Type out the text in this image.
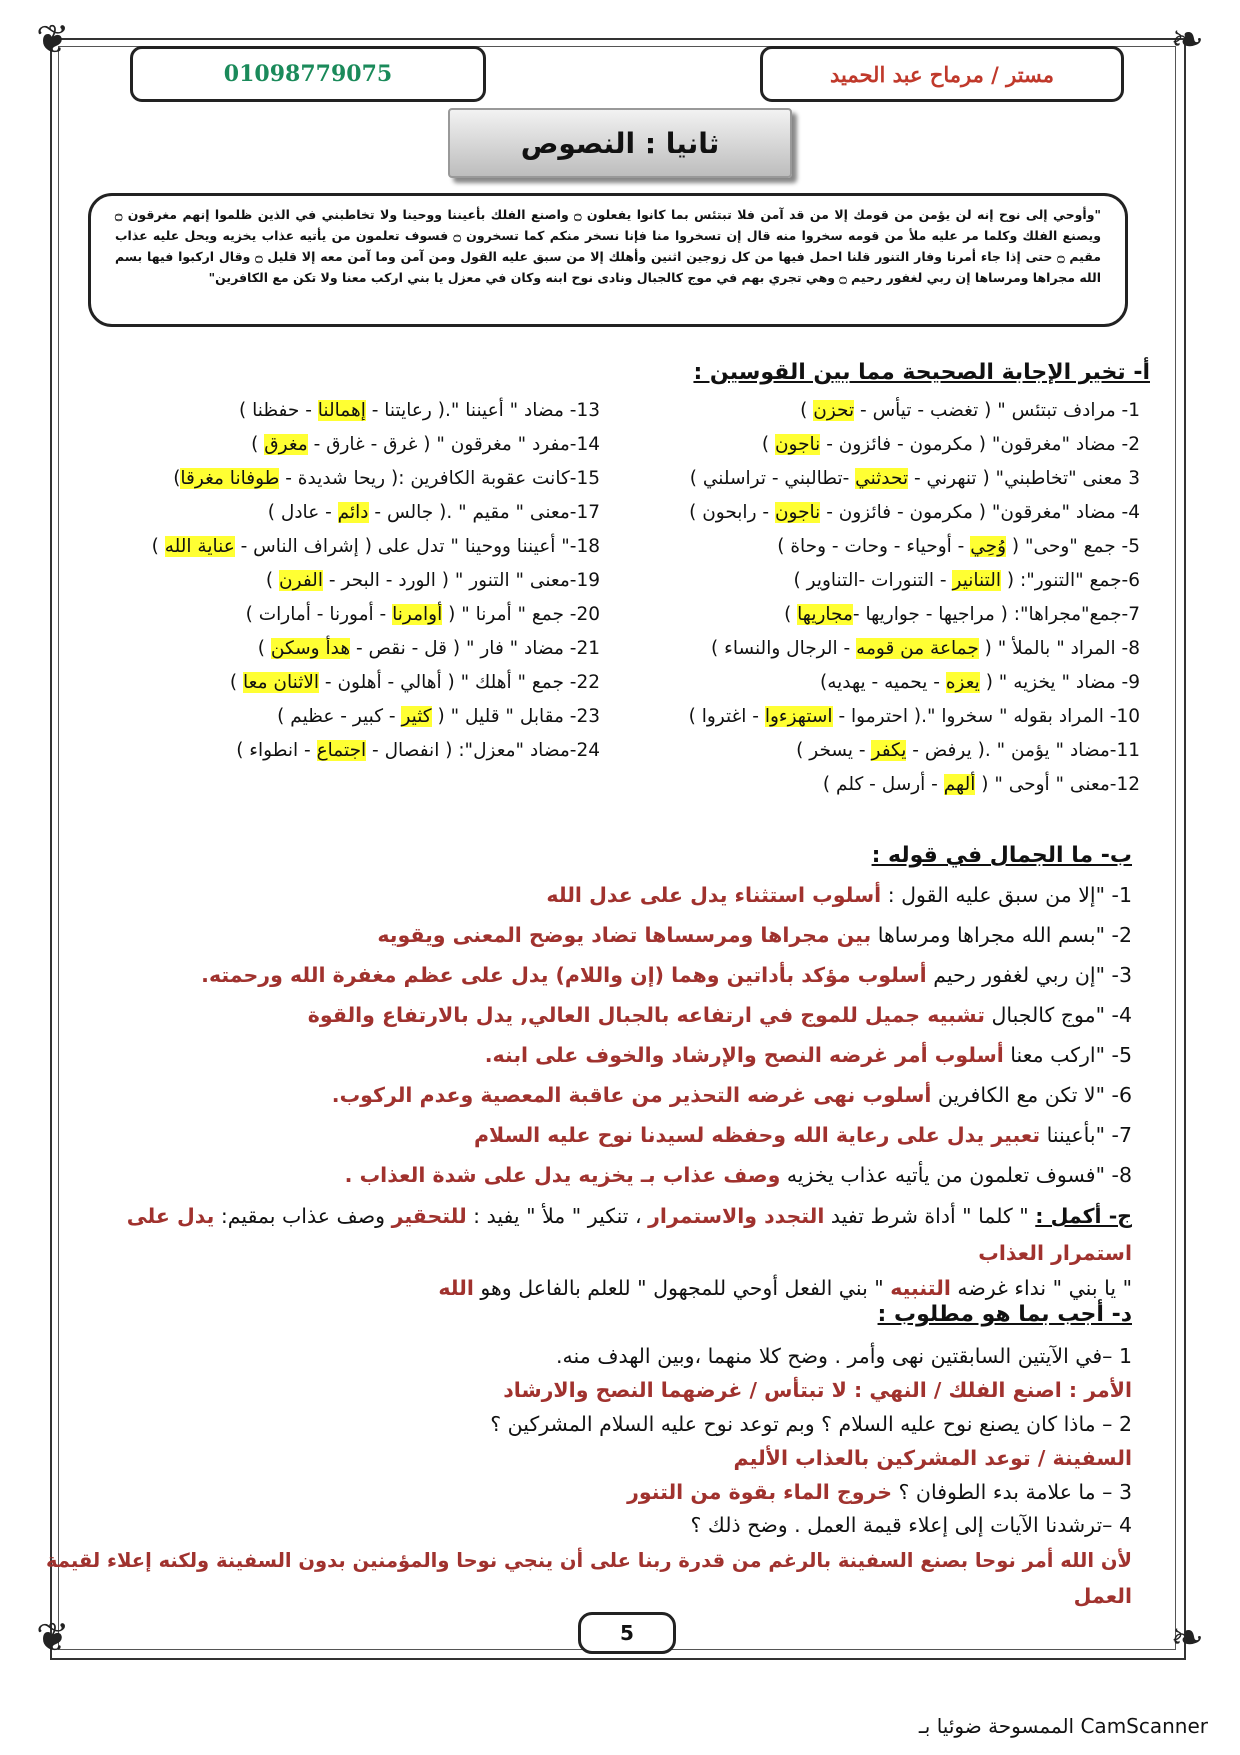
❦	❧
❦	❧
01098779075	مستر / مرماح عبد الحميد
ثانيا : النصوص
"وأوحي إلى نوح إنه لن يؤمن من قومك إلا من قد آمن فلا تبتئس بما كانوا يفعلون ۝ واصنع الفلك بأعيننا ووحينا ولا تخاطبني في الذين ظلموا إنهم مغرقون ۝ ويصنع الفلك وكلما مر عليه ملأ من قومه سخروا منه قال إن تسخروا منا فإنا نسخر منكم كما تسخرون ۝ فسوف تعلمون من يأتيه عذاب يخزيه ويحل عليه عذاب مقيم ۝ حتى إذا جاء أمرنا وفار التنور قلنا احمل فيها من كل زوجين اثنين وأهلك إلا من سبق عليه القول ومن آمن وما آمن معه إلا قليل ۝ وقال اركبوا فيها بسم الله مجراها ومرساها إن ربي لغفور رحيم ۝ وهي تجري بهم في موج كالجبال ونادى نوح ابنه وكان في معزل يا بني اركب معنا ولا تكن مع الكافرين"
أ- تخير الإجابة الصحيحة مما بين القوسين :
1- مرادف تبتئس " ( تغضب - تيأس - تحزن )
2- مضاد "مغرقون" ( مكرمون - فائزون - ناجون )
3 معنى "تخاطبني" ( تنهرني - تحدثني -تطالبني - تراسلني )
4- مضاد "مغرقون" ( مكرمون - فائزون - ناجون - رابحون )
5- جمع "وحى" ( وُحِي - أوحياء - وحات - وحاة )
6-جمع "التنور": ( التنانير - التنورات -التناوير )
7-جمع"مجراها": ( مراجيها - جواريها -مجاريها )
8- المراد " بالملأ " ( جماعة من قومه - الرجال والنساء )
9- مضاد " يخزيه " ( يعزه - يحميه - يهديه)
10- المراد بقوله " سخروا ".( احترموا - استهزءوا - اغتروا )
11-مضاد " يؤمن " .( يرفض - يكفر - يسخر )
12-معنى " أوحى " ( ألهم - أرسل - كلم )
13- مضاد " أعيننا ".( رعايتنا - إهمالنا - حفظنا )
14-مفرد " مغرقون " ( غرق - غارق - مغرق )
15-كانت عقوبة الكافرين :( ريحا شديدة - طوفانا مغرقا)
17-معنى " مقيم " .( جالس - دائم - عادل )
18-" أعيننا ووحينا " تدل على ( إشراف الناس - عناية الله )
19-معنى " التنور " ( الورد - البحر - الفرن )
20- جمع " أمرنا " ( أوامرنا - أمورنا - أمارات )
21- مضاد " فار " ( قل - نقص - هدأ وسكن )
22- جمع " أهلك " ( أهالي - أهلون - الاثنان معا )
23- مقابل " قليل " ( كثير - كبير - عظيم )
24-مضاد "معزل": ( انفصال - اجتماع - انطواء )
ب- ما الجمال في قوله :
1- "إلا من سبق عليه القول : أسلوب استثناء يدل على عدل الله
2- "بسم الله مجراها ومرساها بين مجراها ومرسساها تضاد يوضح المعنى ويقويه
3- "إن ربي لغفور رحيم أسلوب مؤكد بأداتين وهما (إن واللام) يدل على عظم مغفرة الله ورحمته.
4- "موج كالجبال تشبيه جميل للموج في ارتفاعه بالجبال العالي, يدل بالارتفاع والقوة
5- "اركب معنا أسلوب أمر غرضه النصح والإرشاد والخوف على ابنه.
6- "لا تكن مع الكافرين أسلوب نهى غرضه التحذير من عاقبة المعصية وعدم الركوب.
7- "بأعيننا تعبير يدل على رعاية الله وحفظه لسيدنا نوح عليه السلام
8- "فسوف تعلمون من يأتيه عذاب يخزيه وصف عذاب بـ يخزيه يدل على شدة العذاب .
ج- أكمل : " كلما " أداة شرط تفيد التجدد والاستمرار ، تنكير " ملأ " يفيد : للتحقير وصف عذاب بمقيم: يدل على
استمرار العذاب
" يا بني " نداء غرضه التنبيه " بني الفعل أوحي للمجهول " للعلم بالفاعل وهو الله
د- أجب بما هو مطلوب :
1 –في الآيتين السابقتين نهى وأمر . وضح كلا منهما ،وبين الهدف منه.
الأمر : اصنع الفلك / النهي : لا تبتأس / غرضهما النصح والارشاد
2 – ماذا كان يصنع نوح عليه السلام ؟ وبم توعد نوح عليه السلام المشركين ؟
السفينة / توعد المشركين بالعذاب الأليم
3 – ما علامة بدء الطوفان ؟ خروج الماء بقوة من التنور
4 –ترشدنا الآيات إلى إعلاء قيمة العمل . وضح ذلك ؟
لأن الله أمر نوحا بصنع السفينة بالرغم من قدرة ربنا على أن ينجي نوحا والمؤمنين بدون السفينة ولكنه إعلاء لقيمة
العمل
5
الممسوحة ضوئيا بـ CamScanner
